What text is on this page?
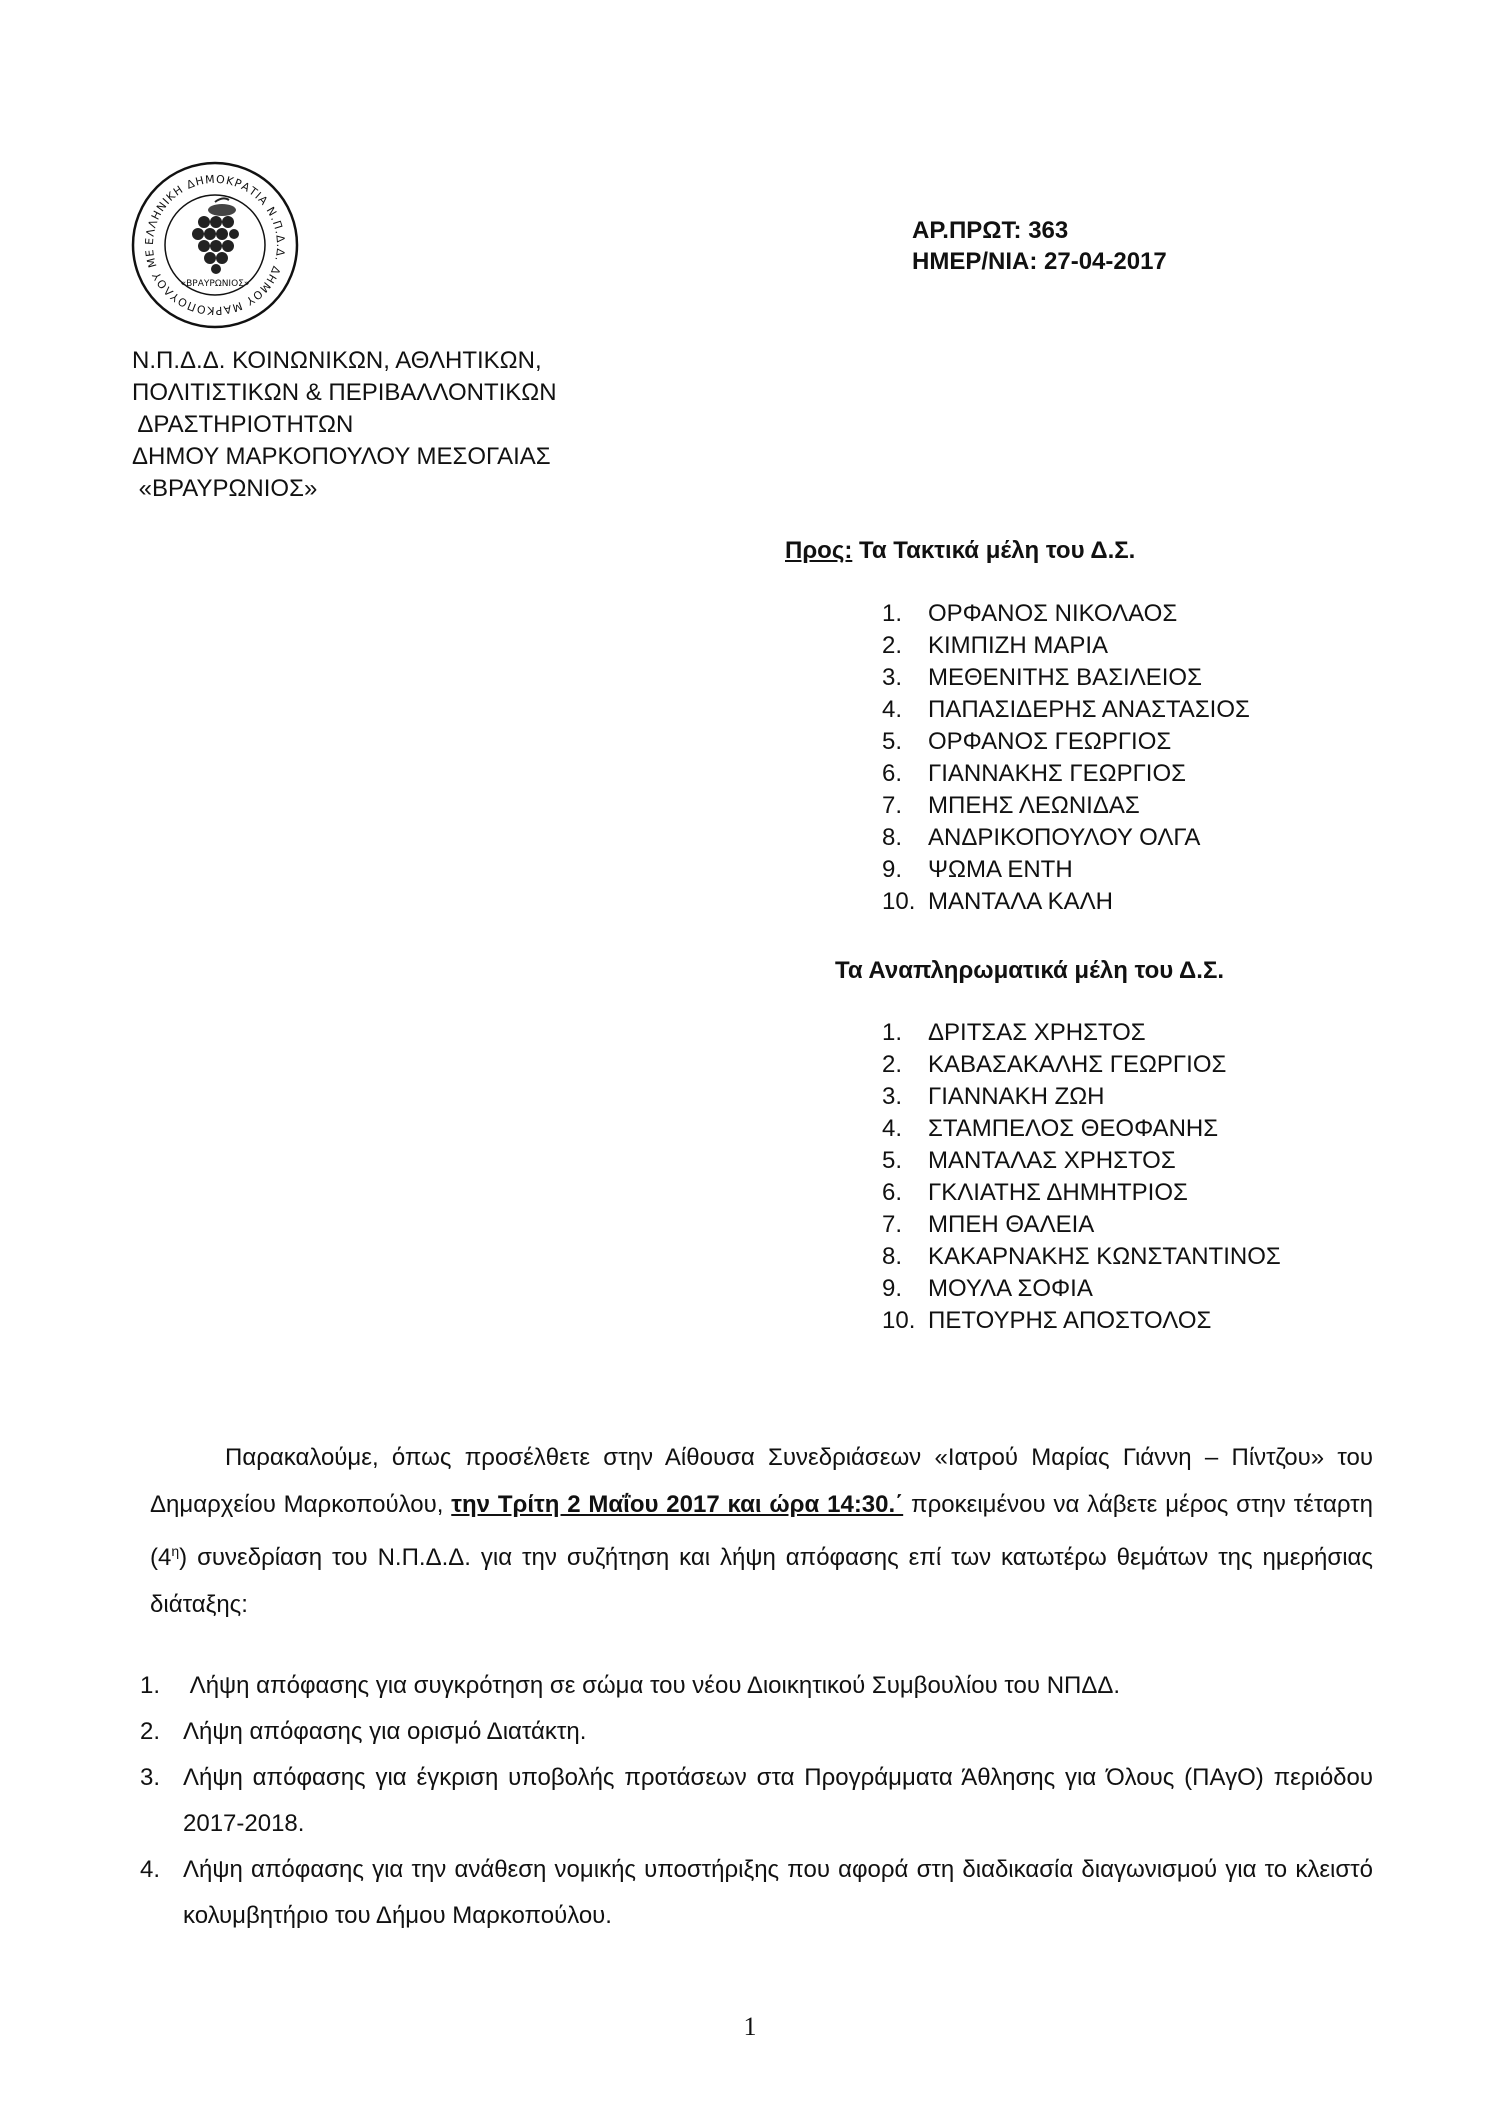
ΕΛΛΗΝΙΚΗ ΔΗΜΟΚΡΑΤΙΑ Ν.Π.Δ.Δ. ΔΗΜΟΥ ΜΑΡΚΟΠΟΥΛΟΥ ΜΕ
«ΒΡΑΥΡΩΝΙΟΣ»
ΑΡ.ΠΡΩΤ: 363
ΗΜΕΡ/ΝΙΑ: 27-04-2017
Ν.Π.Δ.Δ. ΚΟΙΝΩΝΙΚΩΝ, ΑΘΛΗΤΙΚΩΝ,
ΠΟΛΙΤΙΣΤΙΚΩΝ & ΠΕΡΙΒΑΛΛΟΝΤΙΚΩΝ
ΔΡΑΣΤΗΡΙΟΤΗΤΩΝ
ΔΗΜΟΥ ΜΑΡΚΟΠΟΥΛΟΥ ΜΕΣΟΓΑΙΑΣ
«ΒΡΑΥΡΩΝΙΟΣ»
Προς: Τα Τακτικά μέλη του Δ.Σ.
1. ΟΡΦΑΝΟΣ ΝΙΚΟΛΑΟΣ
2. ΚΙΜΠΙΖΗ ΜΑΡΙΑ
3. ΜΕΘΕΝΙΤΗΣ ΒΑΣΙΛΕΙΟΣ
4. ΠΑΠΑΣΙΔΕΡΗΣ ΑΝΑΣΤΑΣΙΟΣ
5. ΟΡΦΑΝΟΣ ΓΕΩΡΓΙΟΣ
6. ΓΙΑΝΝΑΚΗΣ ΓΕΩΡΓΙΟΣ
7. ΜΠΕΗΣ ΛΕΩΝΙΔΑΣ
8. ΑΝΔΡΙΚΟΠΟΥΛΟΥ ΟΛΓΑ
9. ΨΩΜΑ ΕΝΤΗ
10. ΜΑΝΤΑΛΑ ΚΑΛΗ
Τα Αναπληρωματικά μέλη του Δ.Σ.
1. ΔΡΙΤΣΑΣ ΧΡΗΣΤΟΣ
2. ΚΑΒΑΣΑΚΑΛΗΣ ΓΕΩΡΓΙΟΣ
3. ΓΙΑΝΝΑΚΗ ΖΩΗ
4. ΣΤΑΜΠΕΛΟΣ ΘΕΟΦΑΝΗΣ
5. ΜΑΝΤΑΛΑΣ ΧΡΗΣΤΟΣ
6. ΓΚΛΙΑΤΗΣ ΔΗΜΗΤΡΙΟΣ
7. ΜΠΕΗ ΘΑΛΕΙΑ
8. ΚΑΚΑΡΝΑΚΗΣ ΚΩΝΣΤΑΝΤΙΝΟΣ
9. ΜΟΥΛΑ ΣΟΦΙΑ
10. ΠΕΤΟΥΡΗΣ ΑΠΟΣΤΟΛΟΣ

Παρακαλούμε, όπως προσέλθετε στην Αίθουσα Συνεδριάσεων «Ιατρού Μαρίας Γιάννη – Πίντζου» του Δημαρχείου Μαρκοπούλου, την Τρίτη 2 Μαΐου 2017 και ώρα 14:30.΄ προκειμένου να λάβετε μέρος στην τέταρτη $(4^\eta)$ συνεδρίαση του Ν.Π.Δ.Δ. για την συζήτηση και λήψη απόφασης επί των κατωτέρω θεμάτων της ημερήσιας διάταξης:

1. Λήψη απόφασης για συγκρότηση σε σώμα του νέου Διοικητικού Συμβουλίου του ΝΠΔΔ.
2. Λήψη απόφασης για ορισμό Διατάκτη.
3. Λήψη απόφασης για έγκριση υποβολής προτάσεων στα Προγράμματα Άθλησης για Όλους (ΠΑγΟ) περιόδου 2017-2018.
4. Λήψη απόφασης για την ανάθεση νομικής υποστήριξης που αφορά στη διαδικασία διαγωνισμού για το κλειστό κολυμβητήριο του Δήμου Μαρκοπούλου.
1
